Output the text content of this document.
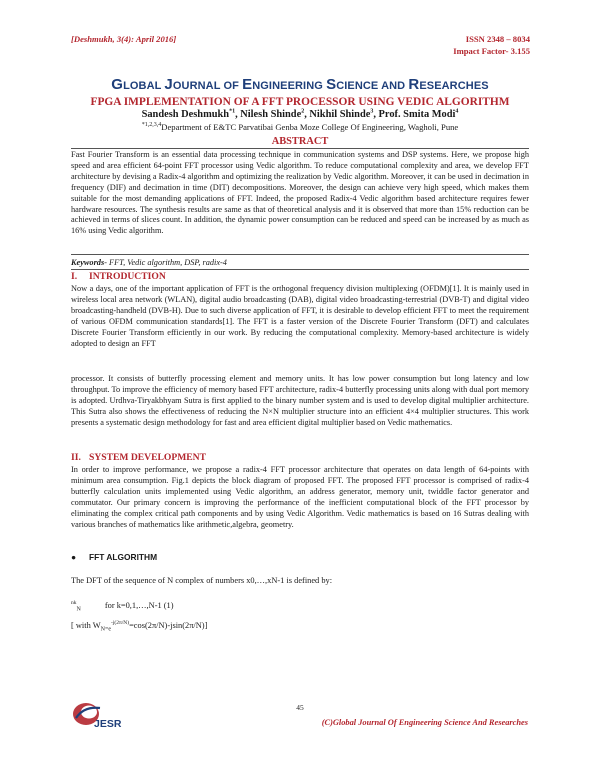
[Deshmukh, 3(4): April 2016]	ISSN 2348 – 8034
Impact Factor- 3.155
GLOBAL JOURNAL OF ENGINEERING SCIENCE AND RESEARCHES
FPGA IMPLEMENTATION OF A FFT PROCESSOR USING VEDIC ALGORITHM
Sandesh Deshmukh$^{*1}$, Nilesh Shinde$^2$, Nikhil Shinde$^3$, Prof. Smita Modi$^4$
$^{*1,2,3,4}$Department of E&TC Parvatibai Genba Moze College Of Engineering, Wagholi, Pune
ABSTRACT

Fast Fourier Transform is an essential data processing technique in communication systems and DSP systems. Here, we propose high speed and area efficient 64-point FFT processor using Vedic algorithm. To reduce computational complexity and area, we develop FFT architecture by devising a Radix-4 algorithm and optimizing the realization by Vedic algorithm. Moreover, it can be used in decimation in frequency (DIF) and decimation in time (DIT) decompositions. Moreover, the design can achieve very high speed, which makes them suitable for the most demanding applications of FFT. Indeed, the proposed Radix-4 Vedic algorithm based architecture requires fewer hardware resources. The synthesis results are same as that of theoretical analysis and it is observed that more than 15% reduction can be achieved in terms of slices count. In addition, the dynamic power consumption can be reduced and speed can be increased by as much as 16% using Vedic algorithm.

Keywords- FFT, Vedic algorithm, DSP, radix-4
I. INTRODUCTION

Now a days, one of the important application of FFT is the orthogonal frequency division multiplexing (OFDM)[1]. It is mainly used in wireless local area network (WLAN), digital audio broadcasting (DAB), digital video broadcasting-terrestrial (DVB-T) and digital video broadcasting-handheld (DVB-H). Due to such diverse application of FFT, it is desirable to develop efficient FFT to meet the requirement of various OFDM communication standards[1]. The FFT is a faster version of the Discrete Fourier Transform (DFT) and calculates Discrete Fourier Transform efficiently in our work. By reducing the computational complexity. Memory-based architecture is widely adopted to design an FFT

processor. It consists of butterfly processing element and memory units. It has low power consumption but long latency and low throughput. To improve the efficiency of memory based FFT architecture, radix-4 butterfly processing units along with dual port memory is adopted. Urdhva-Tiryakbhyam Sutra is first applied to the binary number system and is used to develop digital multiplier architecture. This Sutra also shows the effectiveness of reducing the N×N multiplier structure into an efficient 4×4 multiplier structures. This work presents a systematic design methodology for fast and area efficient digital multiplier based on Vedic mathematics.

II. SYSTEM DEVELOPMENT

In order to improve performance, we propose a radix-4 FFT processor architecture that operates on data length of 64-points with minimum area consumption. Fig.1 depicts the block diagram of proposed FFT. The proposed FFT processor is comprised of radix-4 butterfly calculation units implemented using Vedic algorithm, an address generator, memory unit, twiddle factor generator and commutator. Our primary concern is improving the performance of the inefficient computational block of the FFT processor by eliminating the complex critical path components and by using Vedic Algorithm. Vedic mathematics is based on 16 Sutras dealing with various branches of mathematics like arithmetic,algebra, geometry.

● FFT ALGORITHM
The DFT of the sequence of N complex of numbers x0,…,xN-1 is defined by:
$^{nk}_N$	for k=0,1,…,N-1 (1)
[ with $W_{N=e}^{-j(2\pi/N)}=\cos(2\pi/N)-jsin(2\pi/N)$]
45
JESR	(C)Global Journal Of Engineering Science And Researches
